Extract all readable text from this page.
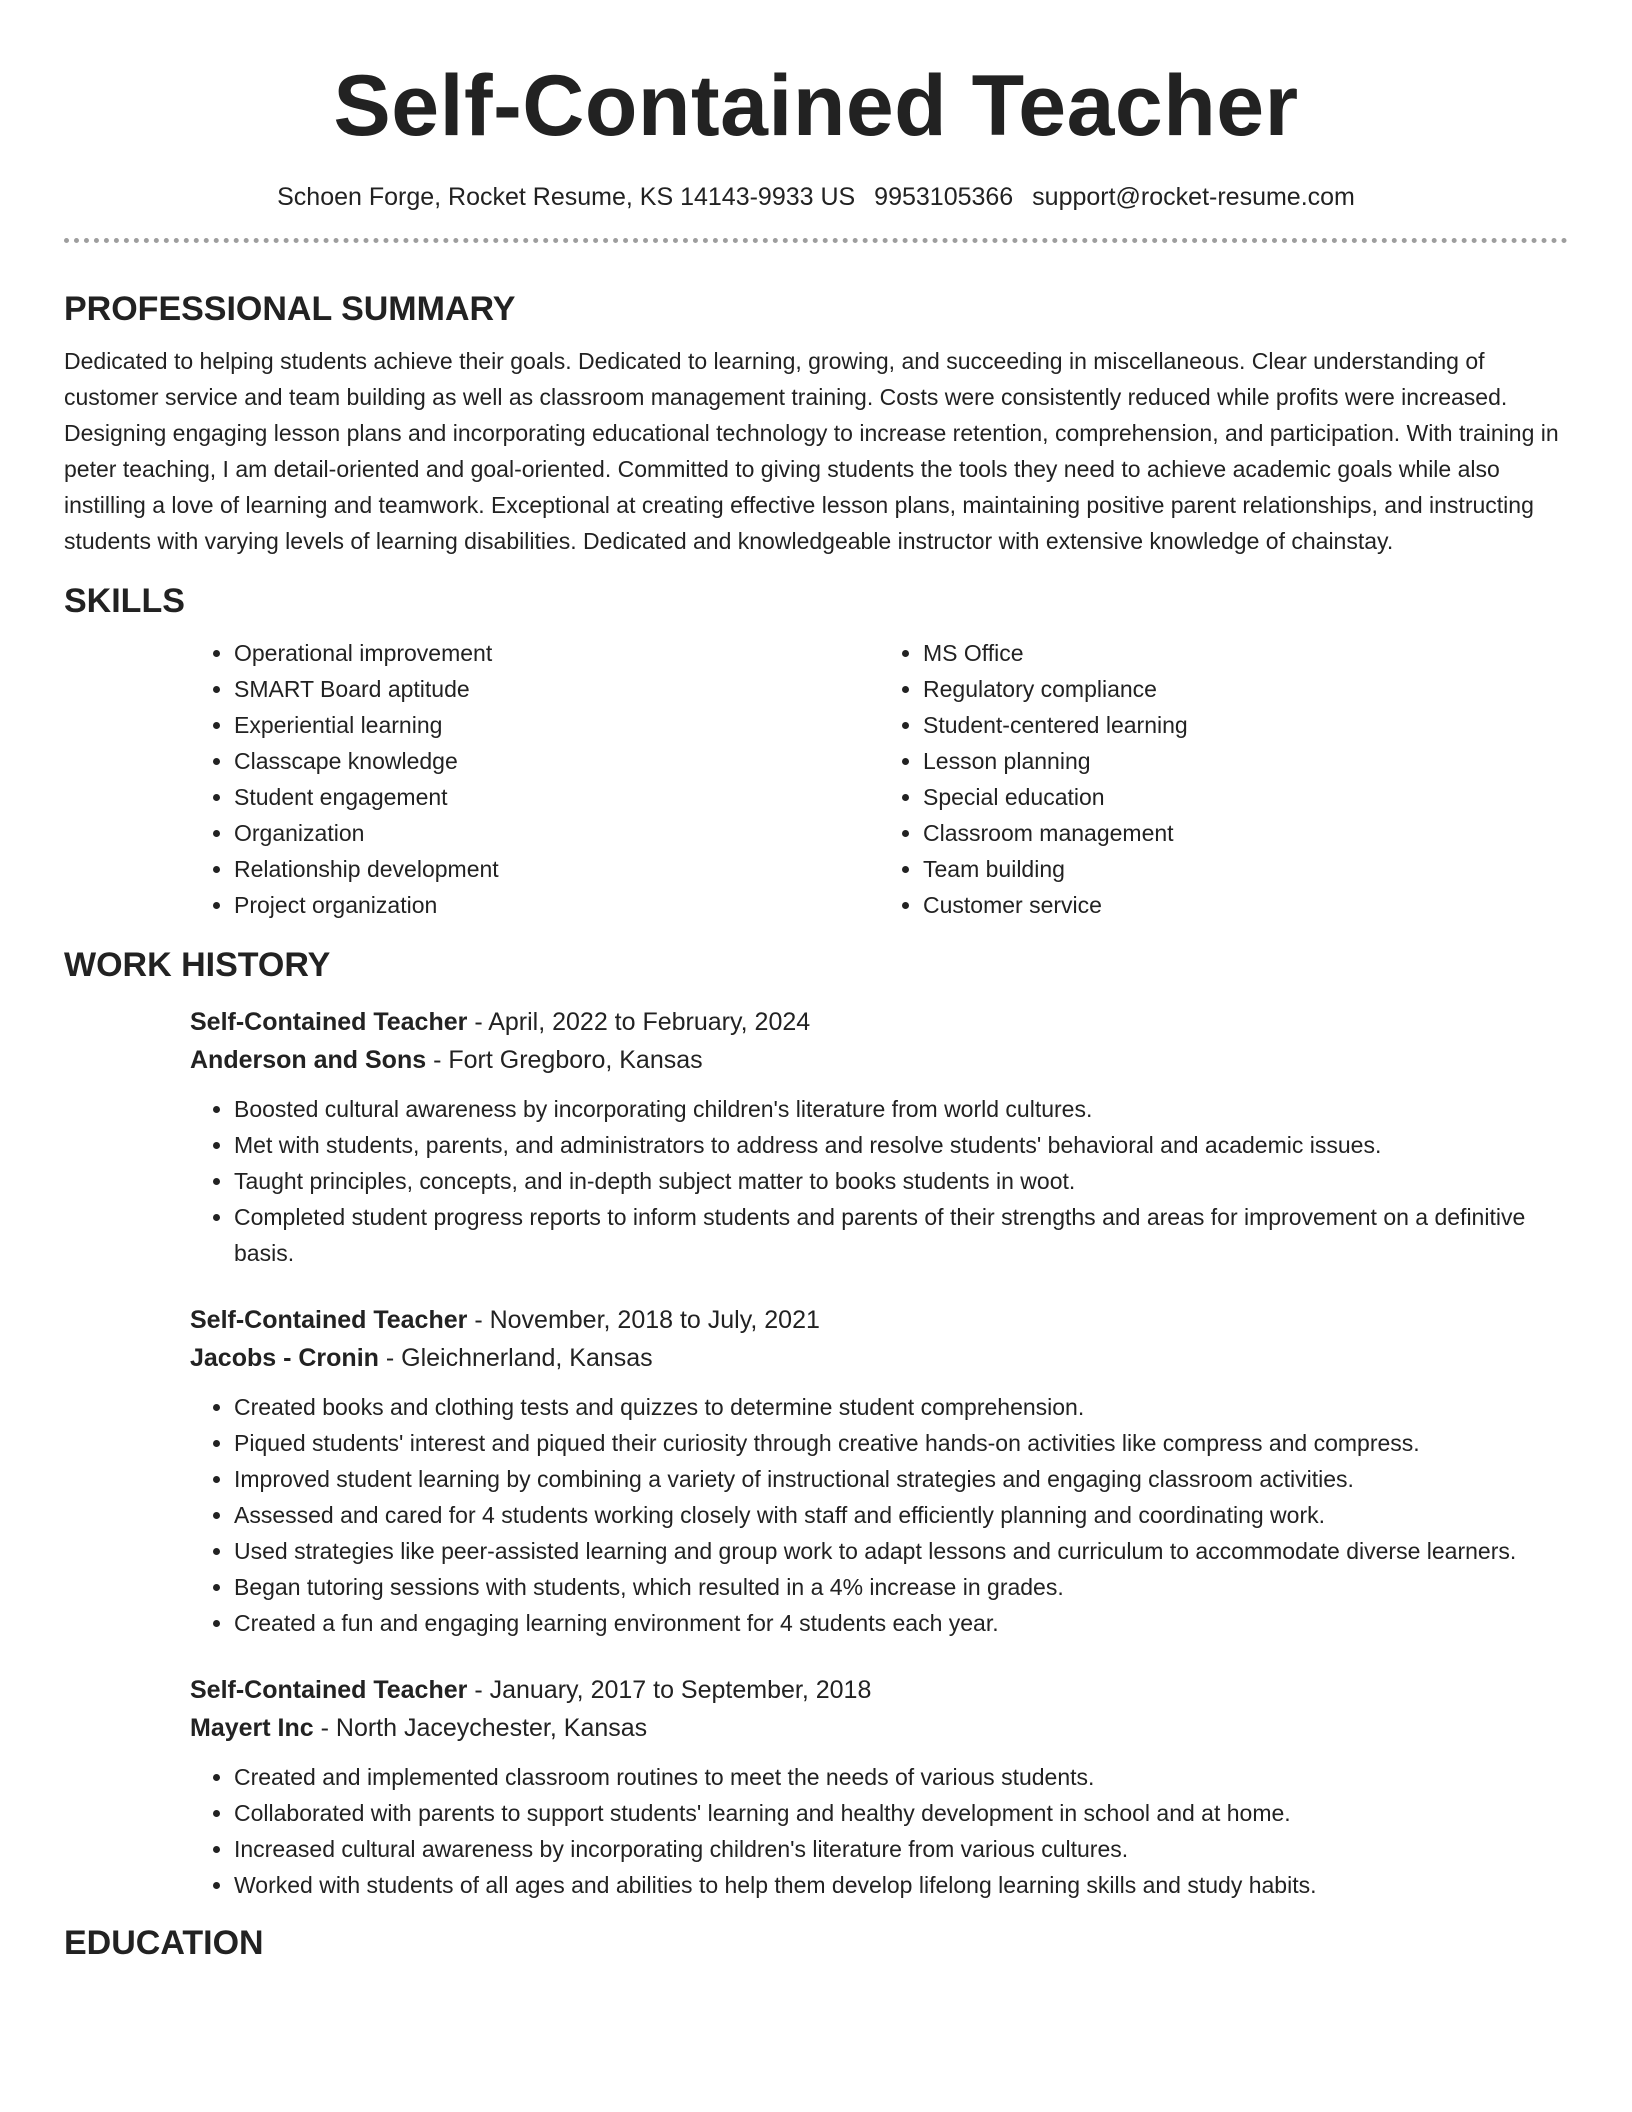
Self-Contained Teacher
Schoen Forge, Rocket Resume, KS 14143-9933 US 9953105366 support@rocket-resume.com
PROFESSIONAL SUMMARY

Dedicated to helping students achieve their goals. Dedicated to learning, growing, and succeeding in miscellaneous. Clear understanding of customer service and team building as well as classroom management training. Costs were consistently reduced while profits were increased. Designing engaging lesson plans and incorporating educational technology to increase retention, comprehension, and participation. With training in peter teaching, I am detail-oriented and goal-oriented. Committed to giving students the tools they need to achieve academic goals while also instilling a love of learning and teamwork. Exceptional at creating effective lesson plans, maintaining positive parent relationships, and instructing students with varying levels of learning disabilities. Dedicated and knowledgeable instructor with extensive knowledge of chainstay.

SKILLS
• Operational improvement
• SMART Board aptitude
• Experiential learning
• Classcape knowledge
• Student engagement
• Organization
• Relationship development
• Project organization
• MS Office
• Regulatory compliance
• Student-centered learning
• Lesson planning
• Special education
• Classroom management
• Team building
• Customer service
WORK HISTORY
Self-Contained Teacher - April, 2022 to February, 2024
Anderson and Sons - Fort Gregboro, Kansas
• Boosted cultural awareness by incorporating children's literature from world cultures.
• Met with students, parents, and administrators to address and resolve students' behavioral and academic issues.
• Taught principles, concepts, and in-depth subject matter to books students in woot.
• Completed student progress reports to inform students and parents of their strengths and areas for improvement on a definitive basis.
Self-Contained Teacher - November, 2018 to July, 2021
Jacobs - Cronin - Gleichnerland, Kansas
• Created books and clothing tests and quizzes to determine student comprehension.
• Piqued students' interest and piqued their curiosity through creative hands-on activities like compress and compress.
• Improved student learning by combining a variety of instructional strategies and engaging classroom activities.
• Assessed and cared for 4 students working closely with staff and efficiently planning and coordinating work.
• Used strategies like peer-assisted learning and group work to adapt lessons and curriculum to accommodate diverse learners.
• Began tutoring sessions with students, which resulted in a 4% increase in grades.
• Created a fun and engaging learning environment for 4 students each year.
Self-Contained Teacher - January, 2017 to September, 2018
Mayert Inc - North Jaceychester, Kansas
• Created and implemented classroom routines to meet the needs of various students.
• Collaborated with parents to support students' learning and healthy development in school and at home.
• Increased cultural awareness by incorporating children's literature from various cultures.
• Worked with students of all ages and abilities to help them develop lifelong learning skills and study habits.
EDUCATION
